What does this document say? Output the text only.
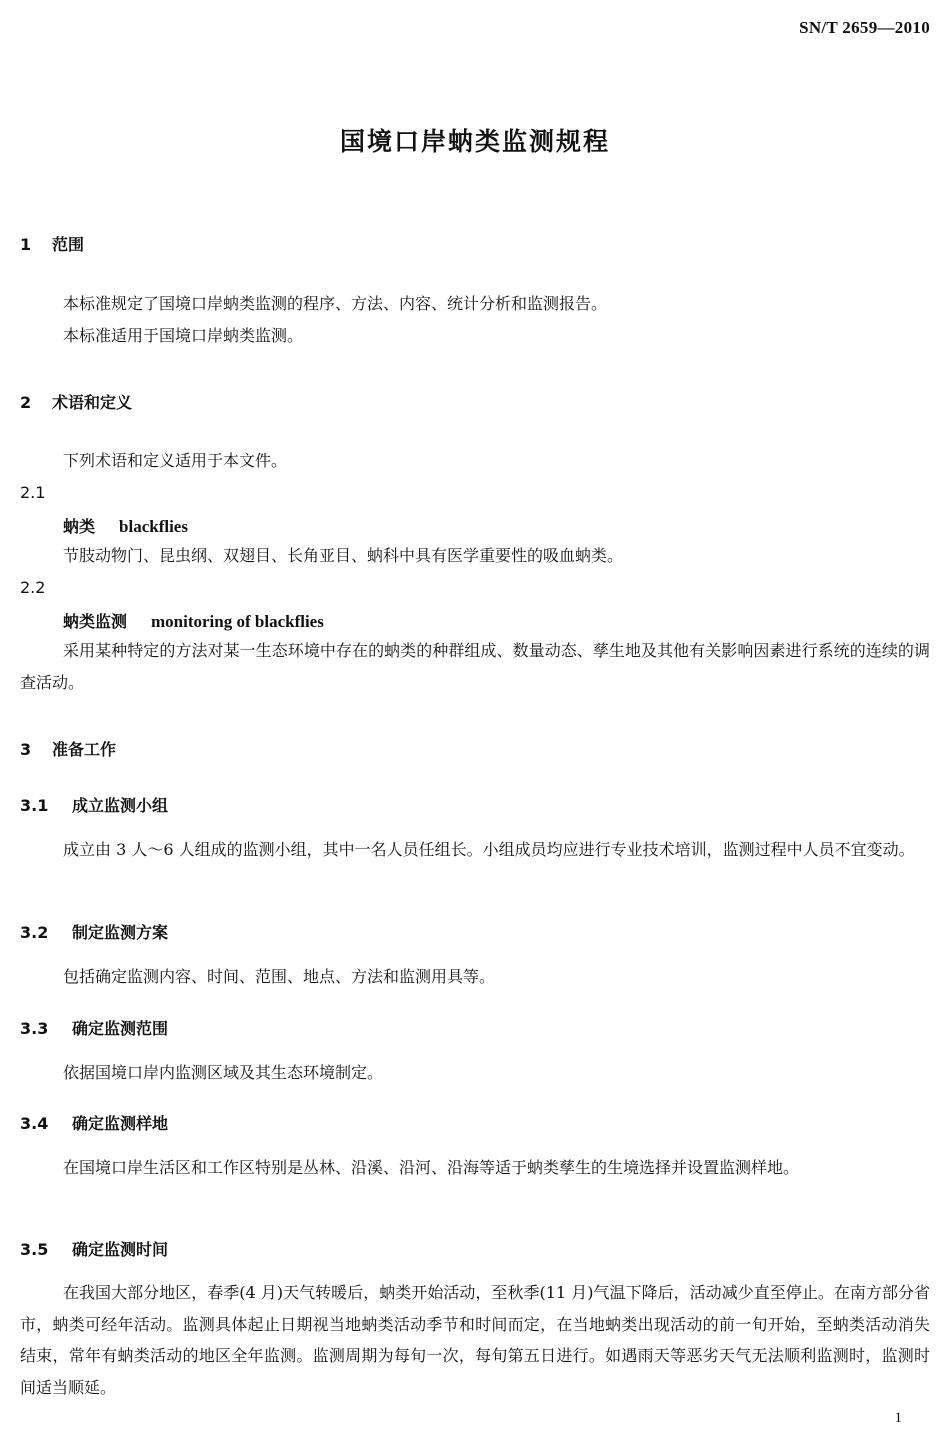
SN/T 2659—2010
国境口岸蚋类监测规程
1 范围
本标准规定了国境口岸蚋类监测的程序、方法、内容、统计分析和监测报告。
本标准适用于国境口岸蚋类监测。
2 术语和定义
下列术语和定义适用于本文件。
2.1
蚋类 blackflies
节肢动物门、昆虫纲、双翅目、长角亚目、蚋科中具有医学重要性的吸血蚋类。
2.2
蚋类监测 monitoring of blackflies
采用某种特定的方法对某一生态环境中存在的蚋类的种群组成、数量动态、孳生地及其他有关影响因素进行系统的连续的调查活动。
3 准备工作
3.1 成立监测小组
成立由 3 人～6 人组成的监测小组，其中一名人员任组长。小组成员均应进行专业技术培训，监测过程中人员不宜变动。
3.2 制定监测方案
包括确定监测内容、时间、范围、地点、方法和监测用具等。
3.3 确定监测范围
依据国境口岸内监测区域及其生态环境制定。
3.4 确定监测样地
在国境口岸生活区和工作区特别是丛林、沿溪、沿河、沿海等适于蚋类孳生的生境选择并设置监测样地。
3.5 确定监测时间
在我国大部分地区，春季(4 月)天气转暖后，蚋类开始活动，至秋季(11 月)气温下降后，活动减少直至停止。在南方部分省市，蚋类可经年活动。监测具体起止日期视当地蚋类活动季节和时间而定，在当地蚋类出现活动的前一旬开始，至蚋类活动消失结束，常年有蚋类活动的地区全年监测。监测周期为每旬一次，每旬第五日进行。如遇雨天等恶劣天气无法顺利监测时，监测时间适当顺延。
1
